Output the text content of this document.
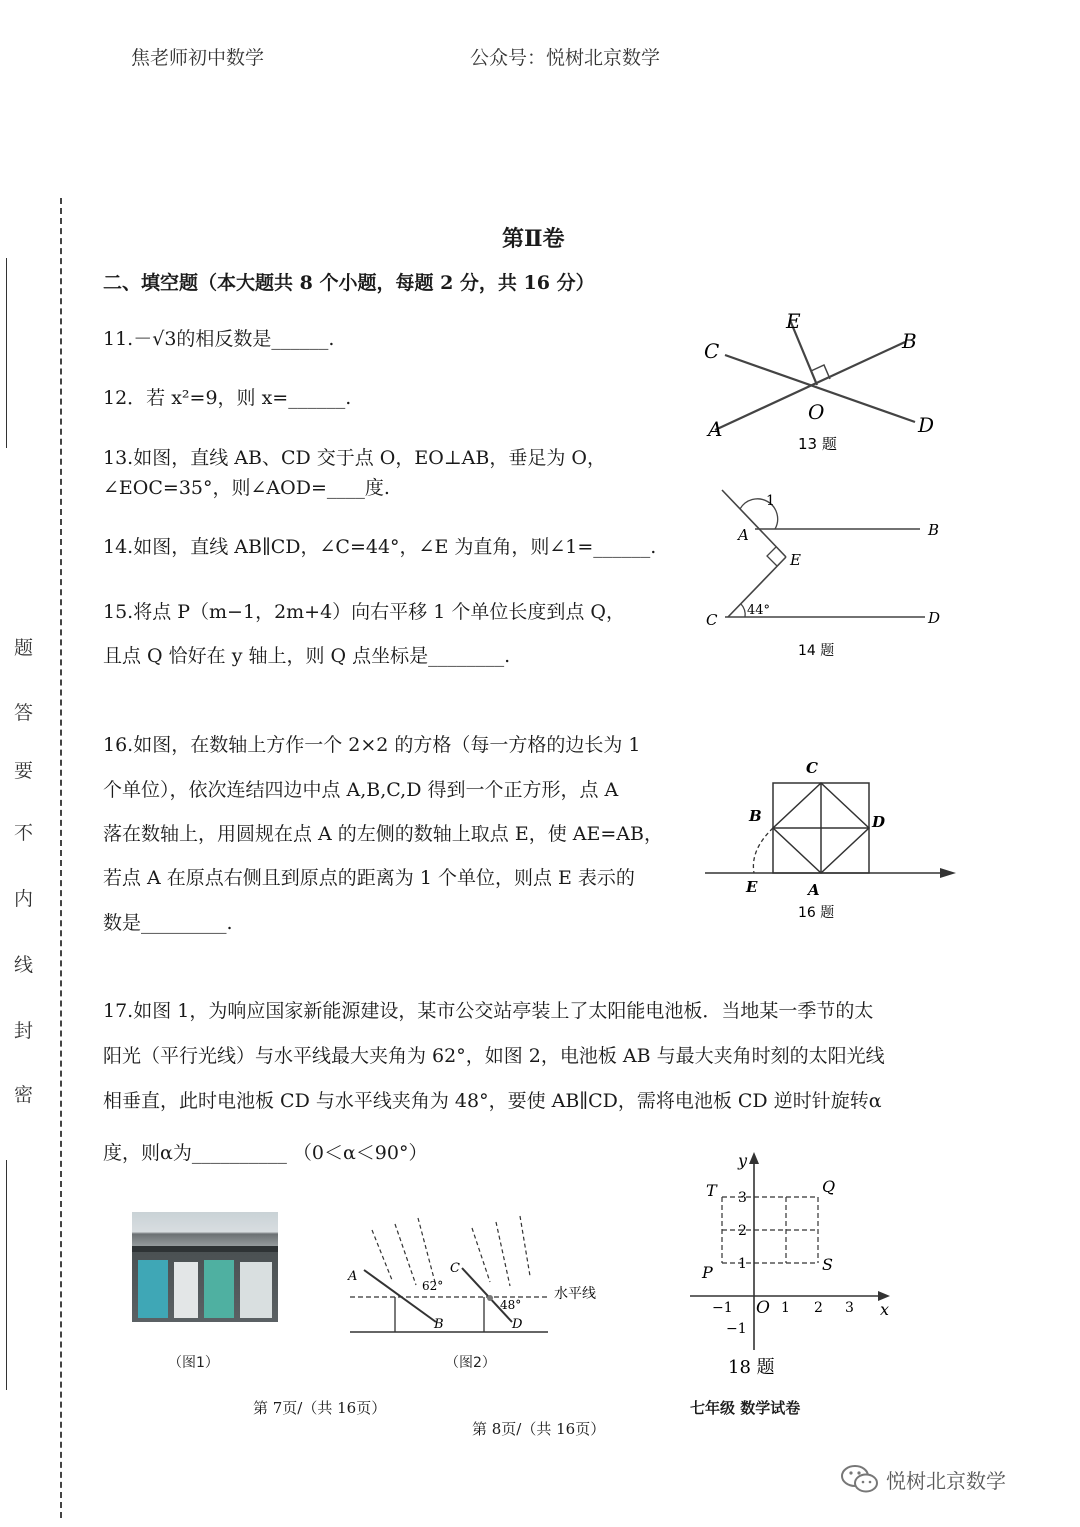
焦老师初中数学	公众号：悦树北京数学
题
答
要
不
内
线
封
密
第Ⅱ卷
二、填空题（本大题共 8 个小题，每题 2 分，共 16 分）
11.－√3的相反数是______.
12．若 x²=9，则 x=______.
13.如图，直线 AB、CD 交于点 O，EO⊥AB，垂足为 O，
∠EOC=35°，则∠AOD=____度.
14.如图，直线 AB∥CD，∠C=44°，∠E 为直角，则∠1=______.
15.将点 P（m−1，2m+4）向右平移 1 个单位长度到点 Q，
且点 Q 恰好在 y 轴上，则 Q 点坐标是________.
16.如图，在数轴上方作一个 2×2 的方格（每一方格的边长为 1
个单位），依次连结四边中点 A,B,C,D 得到一个正方形，点 A
落在数轴上，用圆规在点 A 的左侧的数轴上取点 E，使 AE=AB，
若点 A 在原点右侧且到原点的距离为 1 个单位，则点 E 表示的
数是_________.
17.如图 1，为响应国家新能源建设，某市公交站亭装上了太阳能电池板．当地某一季节的太
阳光（平行光线）与水平线最大夹角为 62°，如图 2，电池板 AB 与最大夹角时刻的太阳光线
相垂直，此时电池板 CD 与水平线夹角为 48°，要使 AB∥CD，需将电池板 CD 逆时针旋转α
度，则α为__________ （0＜α＜90°）
E
C	B
O
A	D
13 题
1
A	B
E
C	D
44°
14 题
C
B	D
E	A
16 题
（图1）
A
B
C
D
62°
48°
水平线
（图2）
y
x
O
T	Q
P	S
3
2
1
−1
−1	1 2 3
18 题
第 7页/（共 16页）	七年级 数学试卷
第 8页/（共 16页）
悦树北京数学
